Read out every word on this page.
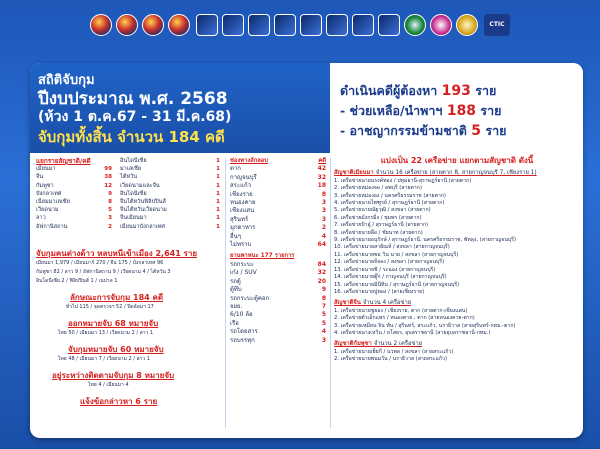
CTIC
สถิติจับกุม
ปีงบประมาณ พ.ศ. 2568
(ห้วง 1 ต.ค.67 - 31 มี.ค.68)
จับกุมทั้งสิ้น จำนวน 184 คดี
ดำเนินคดีผู้ต้องหา 193 ราย
- ช่วยเหลือ/นำพาฯ 188 ราย
- อาชญากรรมข้ามชาติ 5 ราย
แยกรายสัญชาติ/คดี
เมียนมา	99
จีน	38
กัมพูชา	12
บังกลาเทศ	9
เนียมมาเลเซีย	8
เวียดนาม	5
ลาว	3
อัฟกานิสถาน	2
อินโดนีเซีย	1
มาเลเซีย	1
ไต้หวัน	1
เวียดนามและจีน	1
อินโดนีเซีย	1
จีนไต้หวันฟิลิปปินส์	1
จีนไต้หวันเวียดนาม	1
จีนเมียนมา	1
เมียนมาบังกลาเทศ	1
จับกุมคนต่างด้าว หลบหนีเข้าเมือง 2,641 ราย
เมียนมา 1,979 / เมียนมาร์ 270 / จีน 175 / บังกลาเทศ 96
กัมพูชา 82 / ลาว 9 / อัฟกานิสถาน 9 / เวียดนาม 4 / ไต้หวัน 3
อินโดนีเซีย 2 / ฟิลิปปินส์ 1 / เนปาล 1
ลักษณะการจับกุม 184 คดี
ทั่วไป 115 / จุดตรวจฯ 52 / ปิดล้อมฯ 17
ออกหมายจับ 68 หมายจับ
ไทย 50 / เมียนมา 13 / เวียดนาม 2 / ลาว 1
จับกุมหมายจับ 60 หมายจับ
ไทย 48 / เมียนมา 7 / เวียดนาม 2 / ลาว 1
อยู่ระหว่างติดตามจับกุม 8 หมายจับ
ไทย 4 / เมียนมา 4
แจ้งข้อกล่าวหา 6 ราย
ช่องทางลักลอบ	คดี
ตาก	42
กาญจนบุรี	32
สระแก้ว	18
เชียงราย	8
หนองคาย	3
เชียงแสน	3
สุรินทร์	3
มุกดาหาร	2
อื่นๆ	4
ไม่ทราบ	64
ยานพาหนะ 177 รายการ
รถกระบะ	84
เก๋ง / SUV	32
รถตู้	20
ตู้ทึบ	9
รถกระบะตู้คอก	8
จยย.	7
6/10 ล้อ	5
เรือ	5
รถโดยสาร	4
รถบรรทุก	3
แบ่งเป็น 22 เครือข่าย แยกตามสัญชาติ ดังนี้
สัญชาติเมียนมา จำนวน 16 เครือข่าย (สายตาก 8, สายกาญจนบุรี 7, เชียงราย 1)
1. เครือข่ายนายนรงค์ทอง / ปทุมธานี-สุราษฎร์ธานี (สายตาก)
2. เครือข่ายหม่องจอ / ลพบุรี (สายตาก)
3. เครือข่ายหม่ององ / นครศรีธรรมราช (สายตาก)
4. เครือข่ายนายไพฑูรย์ / สุราษฎร์ธานี (สายตาก)
5. เครือข่ายนายณัฐวุฒิ / สงขลา (สายตาก)
6. เครือข่ายมังกรมิ่ง / ชุมพร (สายตาก)
7. เครือข่ายป้าอู๋ / สุราษฎร์ธานี (สายตาก)
8. เครือข่ายนายลือ / ชัยนาท (สายตาก)
9. เครือข่ายนายอนุรักษ์ / สุราษฎร์ธานี, นครศรีธรรมราช, พัทลุง, (สายกาญจนบุรี)
10. เครือข่ายนายสายัณห์ / สงขลา (สายกาญจนบุรี)
11. เครือข่ายนายซอ วิน นาย / สงขลา (สายกาญจนบุรี)
12. เครือข่ายนายจีจอง / สงขลา (สายกาญจนบุรี)
13. เครือข่ายนายชิ / ระนอง (สายกาญจนบุรี)
14. เครือข่ายนายตู๊ก / กาญจนบุรี (สายกาญจนบุรี)
15. เครือข่ายนายมินีทิน / สุราษฎร์ธานี (สายกาญจนบุรี)
16. เครือข่ายนายปูทอง / (สายเชียงราย)
สัญชาติจีน จำนวน 4 เครือข่าย
1. เครือข่ายนายชูยอง / เชียงราย, ตาก (สายตาก-เชียงแสน)
2. เครือข่ายตัวเล็กแพร / หนองคาย , ตาก (สายหนองคาย-ตาก)
3. เครือข่ายเหมียน จิน ทัน / สุรินทร์, สระแก้ว, นราธิวาส (สายสุรินทร์-กทม.-ตาก)
4. เครือข่ายนางเหวิน / ยโสธร, อุบลราชธานี (สายอุบลราชธานี-กทม.)
สัญชาติกัมพูชา จำนวน 2 เครือข่าย
1. เครือข่ายนายเฮ็ยกี / นวพล / สงขลา (สายสระแก้ว)
2. เครือข่ายนายพนมวัน / นราธิวาส (สายสระแก้ว)
